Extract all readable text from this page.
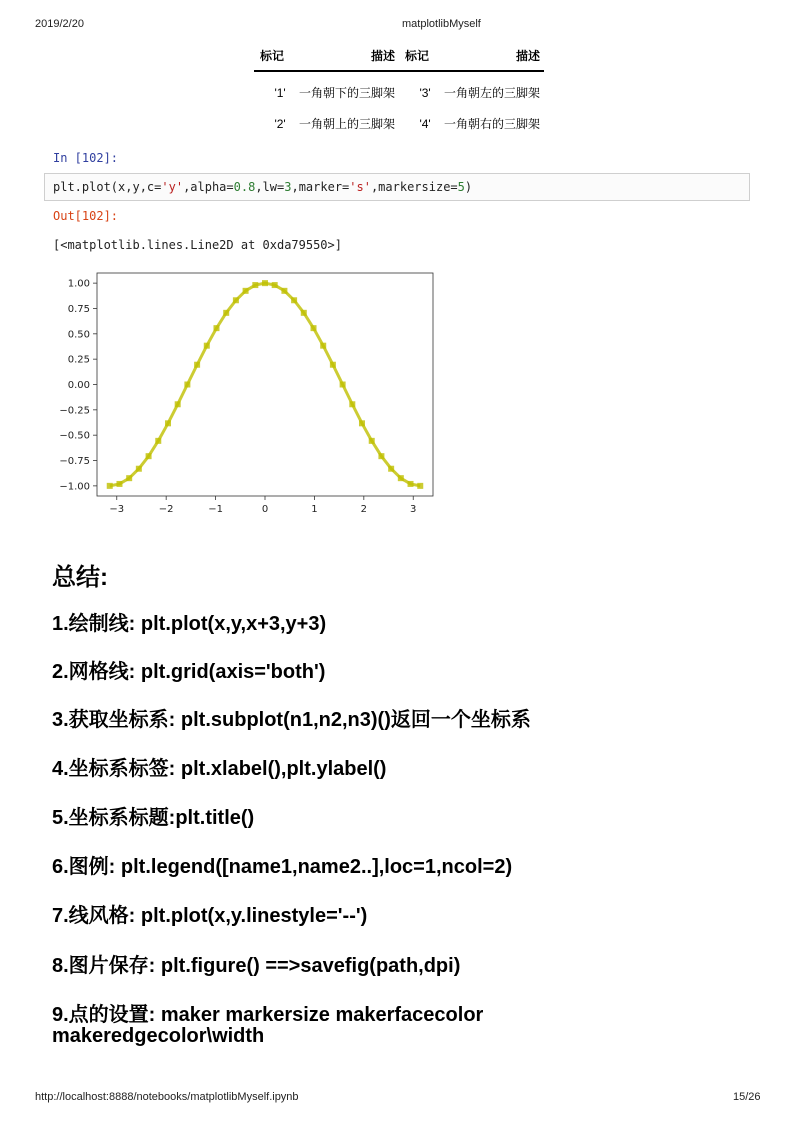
2019/2/20	matplotlibMyself
标记	描述	标记	描述
'1'	一角朝下的三脚架	'3'	一角朝左的三脚架
'2'	一角朝上的三脚架	'4'	一角朝右的三脚架
In [102]:
plt.plot(x,y,c='y',alpha=0.8,lw=3,marker='s',markersize=5)
Out[102]:
[<matplotlib.lines.Line2D at 0xda79550>]
−3	−2	−1	0	1	2	3
1.00
0.75
0.50
0.25
0.00
−0.25
−0.50
−0.75
−1.00
总结:
1.绘制线: plt.plot(x,y,x+3,y+3)
2.网格线: plt.grid(axis='both')
3.获取坐标系: plt.subplot(n1,n2,n3)()返回一个坐标系
4.坐标系标签: plt.xlabel(),plt.ylabel()
5.坐标系标题:plt.title()
6.图例: plt.legend([name1,name2..],loc=1,ncol=2)
7.线风格: plt.plot(x,y.linestyle='--')
8.图片保存: plt.figure() ==>savefig(path,dpi)
9.点的设置: maker markersize makerfacecolor
makeredgecolor\width
http://localhost:8888/notebooks/matplotlibMyself.ipynb	15/26
